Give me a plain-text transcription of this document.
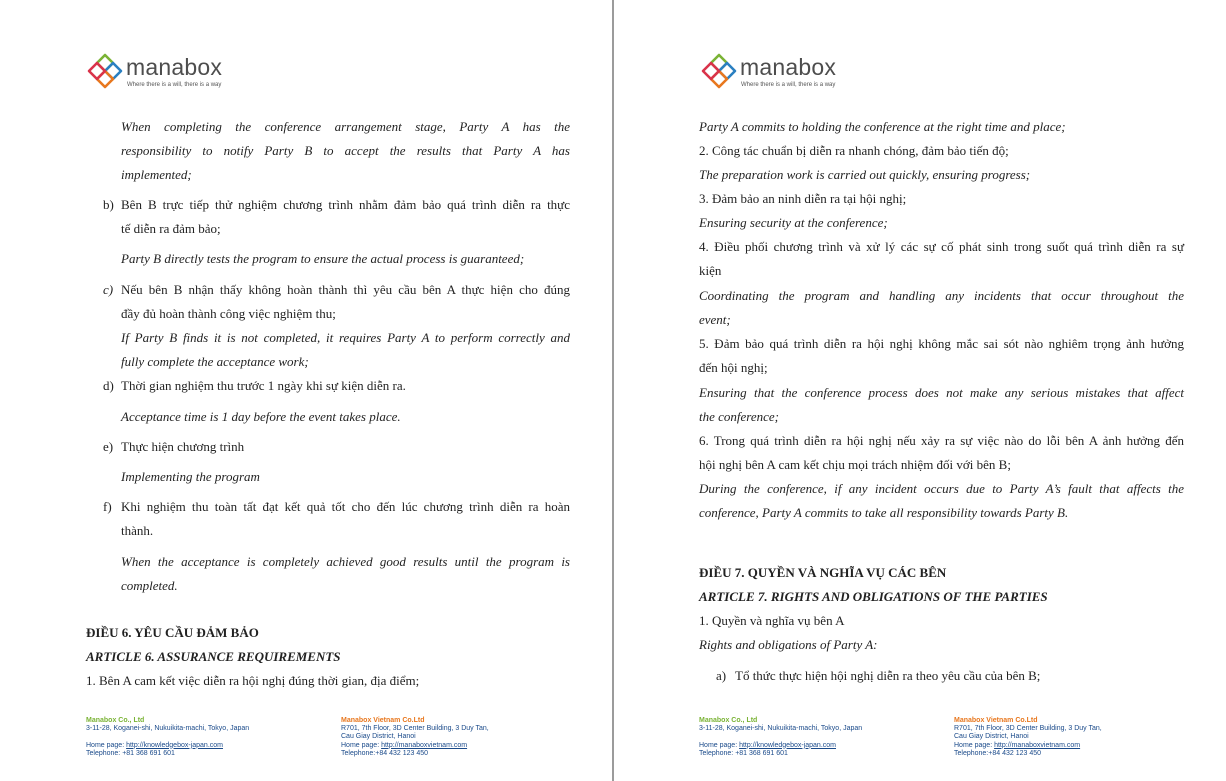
manabox
Where there is a will, there is a way

When completing the conference arrangement stage, Party A has the

responsibility to notify Party B to accept the results that Party A has

implemented;

b) Bên B trực tiếp thử nghiệm chương trình nhằm đảm bảo quá trình diễn ra thực

tế diễn ra đảm bảo;

Party B directly tests the program to ensure the actual process is guaranteed;

c) Nếu bên B nhận thấy không hoàn thành thì yêu cầu bên A thực hiện cho đúng

đầy đủ hoàn thành công việc nghiệm thu;

If Party B finds it is not completed, it requires Party A to perform correctly and

fully complete the acceptance work;

d) Thời gian nghiệm thu trước 1 ngày khi sự kiện diễn ra.

Acceptance time is 1 day before the event takes place.

e) Thực hiện chương trình

Implementing the program

f) Khi nghiệm thu toàn tất đạt kết quả tốt cho đến lúc chương trình diễn ra hoàn

thành.

When the acceptance is completely achieved good results until the program is

completed.

ĐIỀU 6. YÊU CẦU ĐẢM BẢO

ARTICLE 6. ASSURANCE REQUIREMENTS

1. Bên A cam kết việc diễn ra hội nghị đúng thời gian, địa điểm;

Manabox Co., Ltd
3-11-28, Koganei-shi, Nukuikita-machi, Tokyo, Japan

Home page: http://knowledgebox-japan.com
Telephone: +81 368 691 601
Manabox Vietnam Co.Ltd
R701, 7th Floor, 3D Center Building, 3 Duy Tan,
Cau Giay District, Hanoi
Home page: http://manaboxvietnam.com
Telephone:+84 432 123 450
manabox
Where there is a will, there is a way

Party A commits to holding the conference at the right time and place;

2. Công tác chuẩn bị diễn ra nhanh chóng, đảm bảo tiến độ;

The preparation work is carried out quickly, ensuring progress;

3. Đảm bảo an ninh diễn ra tại hội nghị;

Ensuring security at the conference;

4. Điều phối chương trình và xử lý các sự cố phát sinh trong suốt quá trình diễn ra sự

kiện

Coordinating the program and handling any incidents that occur throughout the

event;

5. Đảm bảo quá trình diễn ra hội nghị không mắc sai sót nào nghiêm trọng ảnh hưởng

đến hội nghị;

Ensuring that the conference process does not make any serious mistakes that affect

the conference;

6. Trong quá trình diễn ra hội nghị nếu xảy ra sự việc nào do lỗi bên A ảnh hưởng đến

hội nghị bên A cam kết chịu mọi trách nhiệm đối với bên B;

During the conference, if any incident occurs due to Party A’s fault that affects the

conference, Party A commits to take all responsibility towards Party B.

ĐIỀU 7. QUYỀN VÀ NGHĨA VỤ CÁC BÊN

ARTICLE 7. RIGHTS AND OBLIGATIONS OF THE PARTIES

1. Quyền và nghĩa vụ bên A

Rights and obligations of Party A:

a) Tổ thức thực hiện hội nghị diễn ra theo yêu cầu của bên B;

Manabox Co., Ltd
3-11-28, Koganei-shi, Nukuikita-machi, Tokyo, Japan

Home page: http://knowledgebox-japan.com
Telephone: +81 368 691 601
Manabox Vietnam Co.Ltd
R701, 7th Floor, 3D Center Building, 3 Duy Tan,
Cau Giay District, Hanoi
Home page: http://manaboxvietnam.com
Telephone:+84 432 123 450
